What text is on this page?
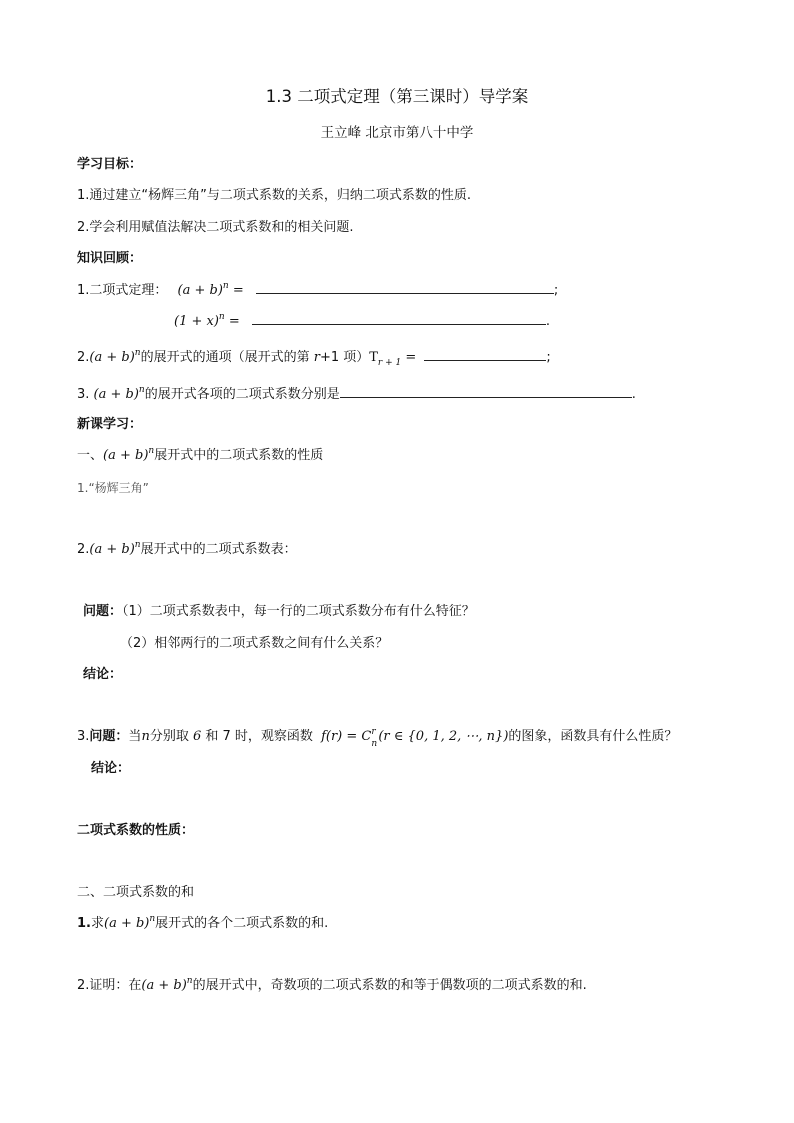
1.3 二项式定理（第三课时）导学案
王立峰 北京市第八十中学
学习目标：
1.通过建立“杨辉三角”与二项式系数的关系，归纳二项式系数的性质.
2.学会利用赋值法解决二项式系数和的相关问题.
知识回顾：
1.二项式定理： $(a + b)^n$ =	;
$(1 + x)^n$ =	.
$2.(a + b)^n$的展开式的通项（展开式的第 r+1 项）$T_{r + 1}$ =	;
3. $(a + b)^n$的展开式各项的二项式系数分别是	.
新课学习：
一、$(a + b)^n$展开式中的二项式系数的性质
1.“杨辉三角”
$2.(a + b)^n$展开式中的二项式系数表：
问题：（1）二项式系数表中，每一行的二项式系数分布有什么特征？
（2）相邻两行的二项式系数之间有什么关系？
结论：
3.问题：当n分别取 6 和 7 时，观察函数 f(r) = C r
n (r ∈ {0, 1, 2, ⋯, n})的图象，函数具有什么性质？
结论：
二项式系数的性质：
二、二项式系数的和
1.求$(a + b)^n$展开式的各个二项式系数的和.
2.证明：在$(a + b)^n$的展开式中，奇数项的二项式系数的和等于偶数项的二项式系数的和.
